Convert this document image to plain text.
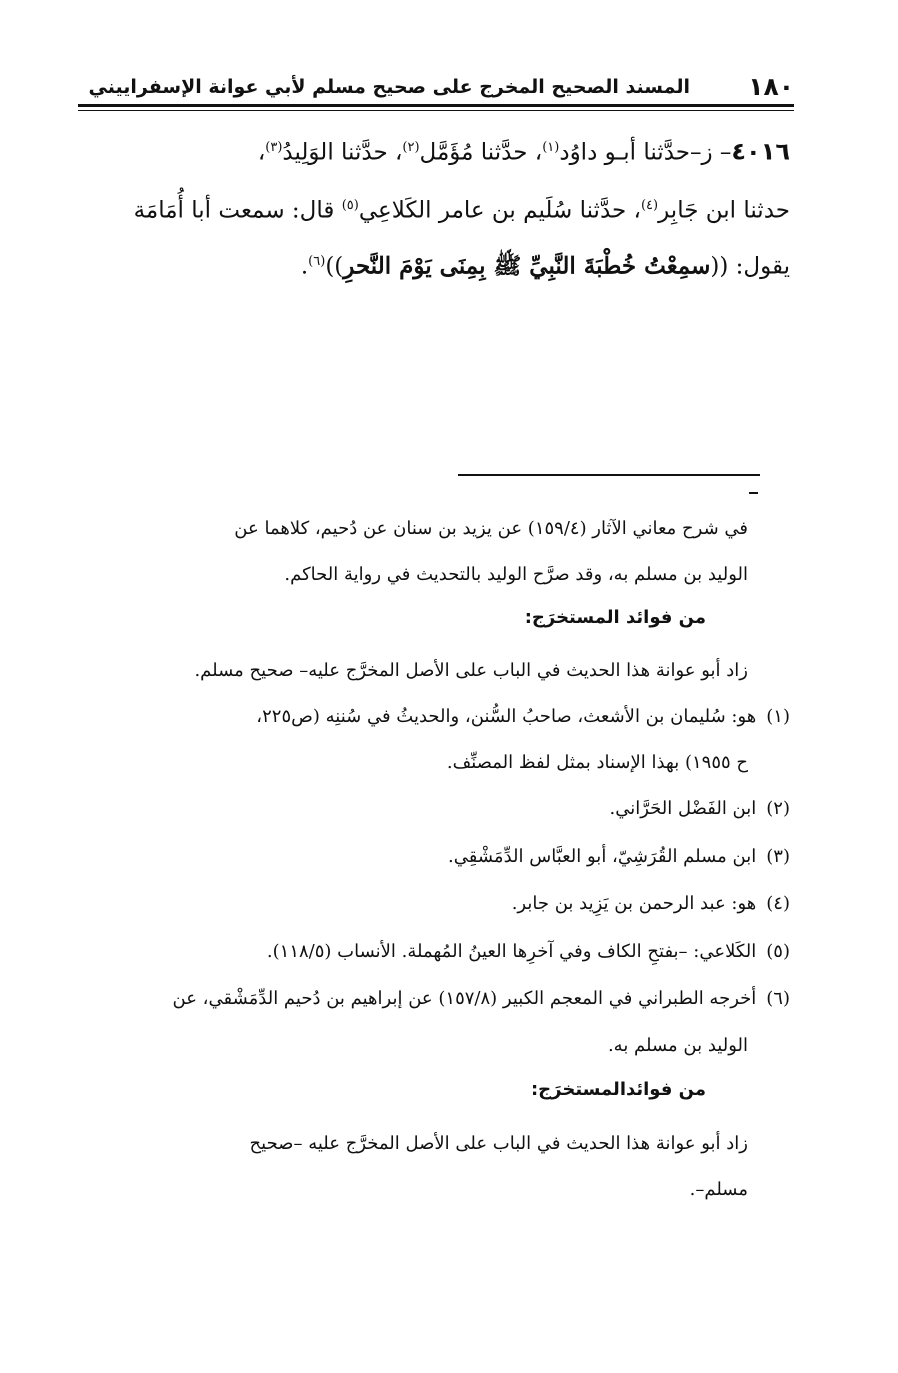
١٨٠
المسند الصحيح المخرج على صحيح مسلم لأبي عوانة الإسفراييني
٤٠١٦– ز–حدَّثنا أبـو داوُد$^{(١)}$، حدَّثنا مُؤَمَّل$^{(٢)}$، حدَّثنا الوَلِيدُ$^{(٣)}$،
حدثنا ابن جَابِر$^{(٤)}$، حدَّثنا سُلَيم بن عامر الكَلاعِي$^{(٥)}$ قال: سمعت أبا أُمَامَة
يقول: ((سمِعْتُ خُطْبَةَ النَّبِيِّ ﷺ بِمِنَى يَوْمَ النَّحرِ))$^{(٦)}$.
في شرح معاني الآثار (١٥٩/٤) عن يزيد بن سنان عن دُحيم، كلاهما عن
الوليد بن مسلم به، وقد صرَّح الوليد بالتحديث في رواية الحاكم.
من فوائد المستخرَج:
زاد أبو عوانة هذا الحديث في الباب على الأصل المخرَّج عليه– صحيح مسلم.
(١)هو: سُليمان بن الأشعث، صاحبُ السُّنن، والحديثُ في سُننِه (ص٢٢٥،
ح ١٩٥٥) بهذا الإسناد بمثل لفظ المصنِّف.
(٢)ابن الفَضْل الحَرَّاني.
(٣)ابن مسلم القُرَشِيّ، أبو العبَّاس الدِّمَشْقِي.
(٤)هو: عبد الرحمن بن يَزِيد بن جابر.
(٥)الكَلاعي: –بفتحِ الكاف وفي آخرِها العينُ المُهملة. الأنساب (١١٨/٥).
(٦)أخرجه الطبراني في المعجم الكبير (١٥٧/٨) عن إبراهيم بن دُحيم الدِّمَشْقي، عن
الوليد بن مسلم به.
من فوائدالمستخرَج:
زاد أبو عوانة هذا الحديث في الباب على الأصل المخرَّج عليه –صحيح
مسلم–.
